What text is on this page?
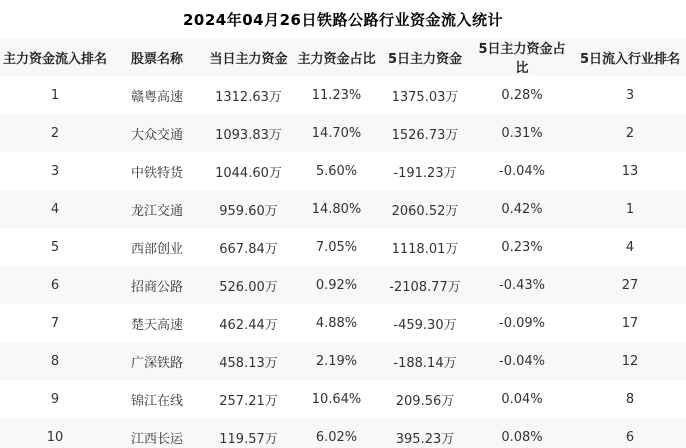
2024年04月26日铁路公路行业资金流入统计
主力资金流入排名	股票名称	当日主力资金	主力资金占比	5日主力资金	5日主力资金占比	5日流入行业排名
1	赣粤高速	1312.63万	11.23%	1375.03万	0.28%	3
2	大众交通	1093.83万	14.70%	1526.73万	0.31%	2
3	中铁特货	1044.60万	5.60%	-191.23万	-0.04%	13
4	龙江交通	959.60万	14.80%	2060.52万	0.42%	1
5	西部创业	667.84万	7.05%	1118.01万	0.23%	4
6	招商公路	526.00万	0.92%	-2108.77万	-0.43%	27
7	楚天高速	462.44万	4.88%	-459.30万	-0.09%	17
8	广深铁路	458.13万	2.19%	-188.14万	-0.04%	12
9	锦江在线	257.21万	10.64%	209.56万	0.04%	8
10	江西长运	119.57万	6.02%	395.23万	0.08%	6
